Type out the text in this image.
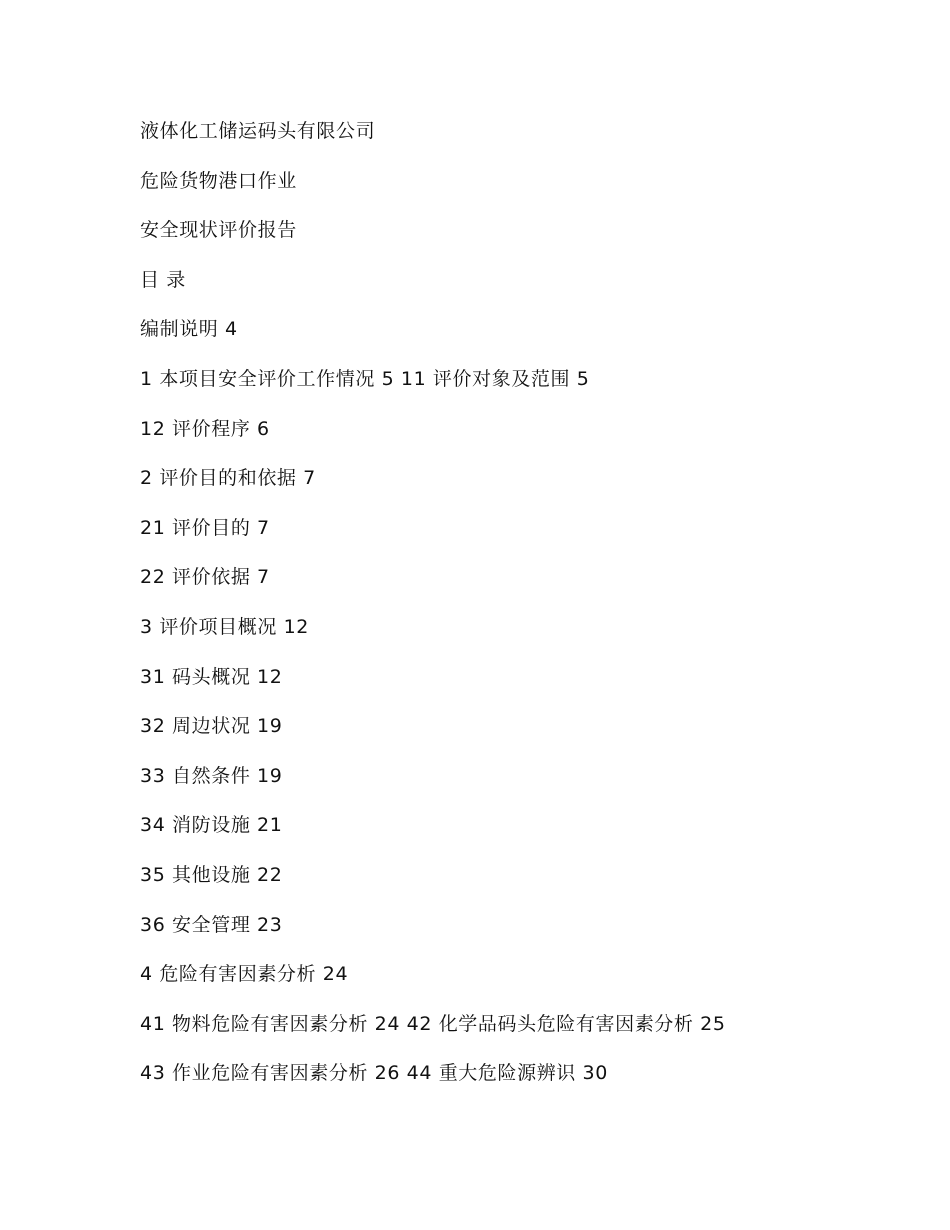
液体化工储运码头有限公司
危险货物港口作业
安全现状评价报告
目 录
编制说明 4
1 本项目安全评价工作情况 5 11 评价对象及范围 5
12 评价程序 6
2 评价目的和依据 7
21 评价目的 7
22 评价依据 7
3 评价项目概况 12
31 码头概况 12
32 周边状况 19
33 自然条件 19
34 消防设施 21
35 其他设施 22
36 安全管理 23
4 危险有害因素分析 24
41 物料危险有害因素分析 24 42 化学品码头危险有害因素分析 25
43 作业危险有害因素分析 26 44 重大危险源辨识 30
